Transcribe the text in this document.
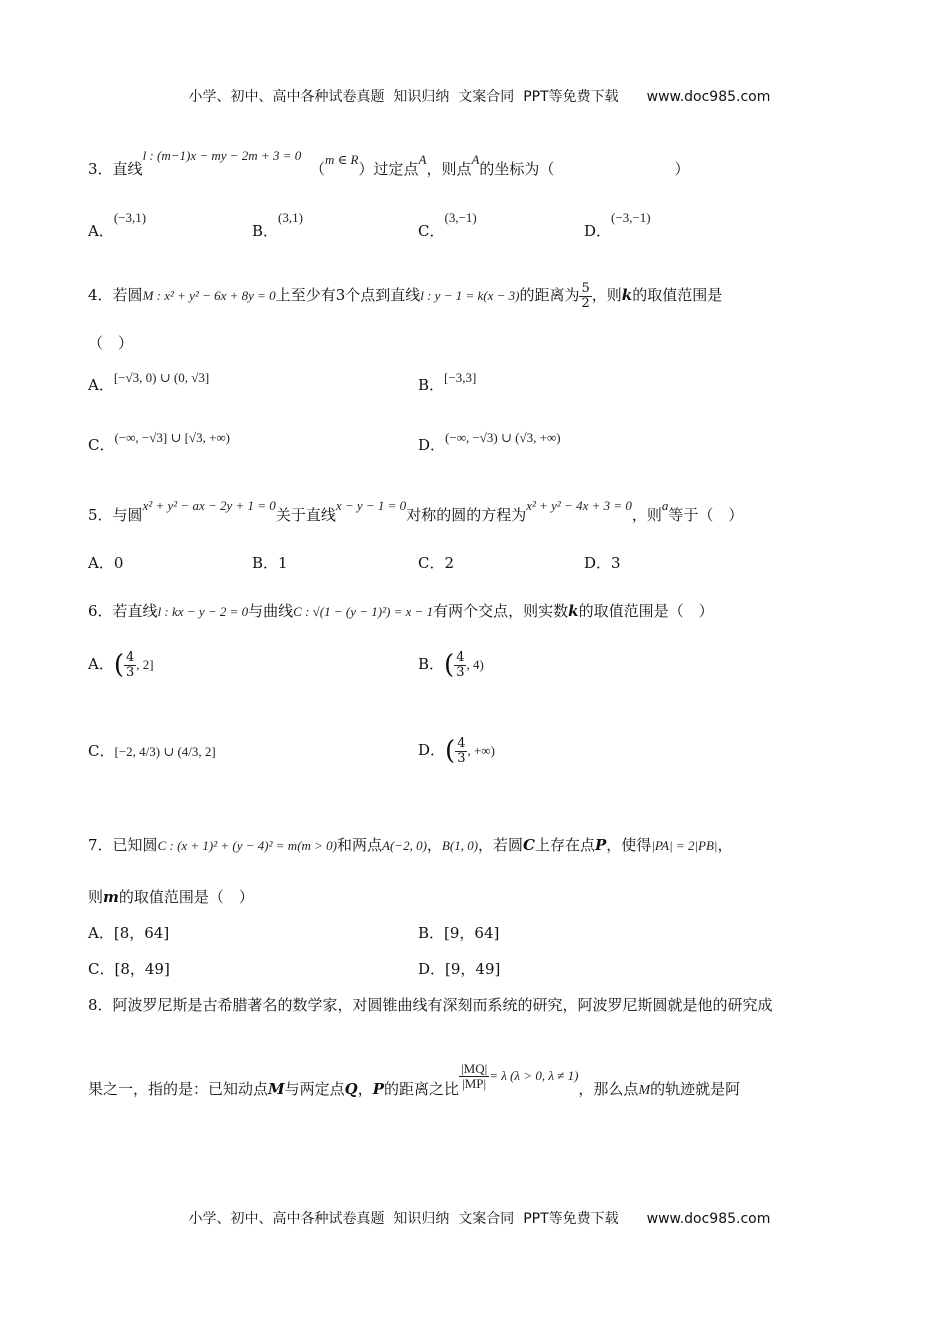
小学、初中、高中各种试卷真题  知识归纳  文案合同  PPT等免费下载 www.doc985.com

3．直线l : (m−1)x − my − 2m + 3 = 0 （m ∈ R）过定点A，则点A的坐标为（	）
A．(−3,1)
B．(3,1)
C．(3,−1)
D．(−3,−1)
4．若圆M : x² + y² − 6x + 8y = 0上至少有3个点到直线l : y − 1 = k(x − 3)的距离为 $\frac{5}{2}$ ，则k的取值范围是
（　）
A．[−√3, 0) ∪ (0, √3]	B．[−3,3]
C．(−∞, −√3] ∪ [√3, +∞)	D．(−∞, −√3) ∪ (√3, +∞)
5．与圆x² + y² − ax − 2y + 1 = 0关于直线x − y − 1 = 0对称的圆的方程为x² + y² − 4x + 3 = 0，则a等于（　）
A．0	B．1	C．2	D．3
6．若直线l : kx − y − 2 = 0与曲线C : √(1 − (y − 1)²) = x − 1有两个交点，则实数k的取值范围是（　）
A．( $\frac{4}{3}$ , 2]	B．( $\frac{4}{3}$ , 4)
C．[−2, 4/3) ∪ (4/3, 2]	D．( $\frac{4}{3}$ , +∞)
7．已知圆C : (x + 1)² + (y − 4)² = m(m > 0)和两点A(−2, 0)，B(1, 0)，若圆C上存在点P，使得|PA| = 2|PB|，
则m的取值范围是（　）
A．[8，64]	B．[9，64]
C．[8，49]	D．[9，49]
8．阿波罗尼斯是古希腊著名的数学家，对圆锥曲线有深刻而系统的研究，阿波罗尼斯圆就是他的研究成
果之一，指的是：已知动点M与两定点Q，P的距离之比 $\frac{|MQ|}{|MP|} = \lambda$ (λ > 0, λ ≠ 1)，那么点M的轨迹就是阿

小学、初中、高中各种试卷真题  知识归纳  文案合同  PPT等免费下载 www.doc985.com
